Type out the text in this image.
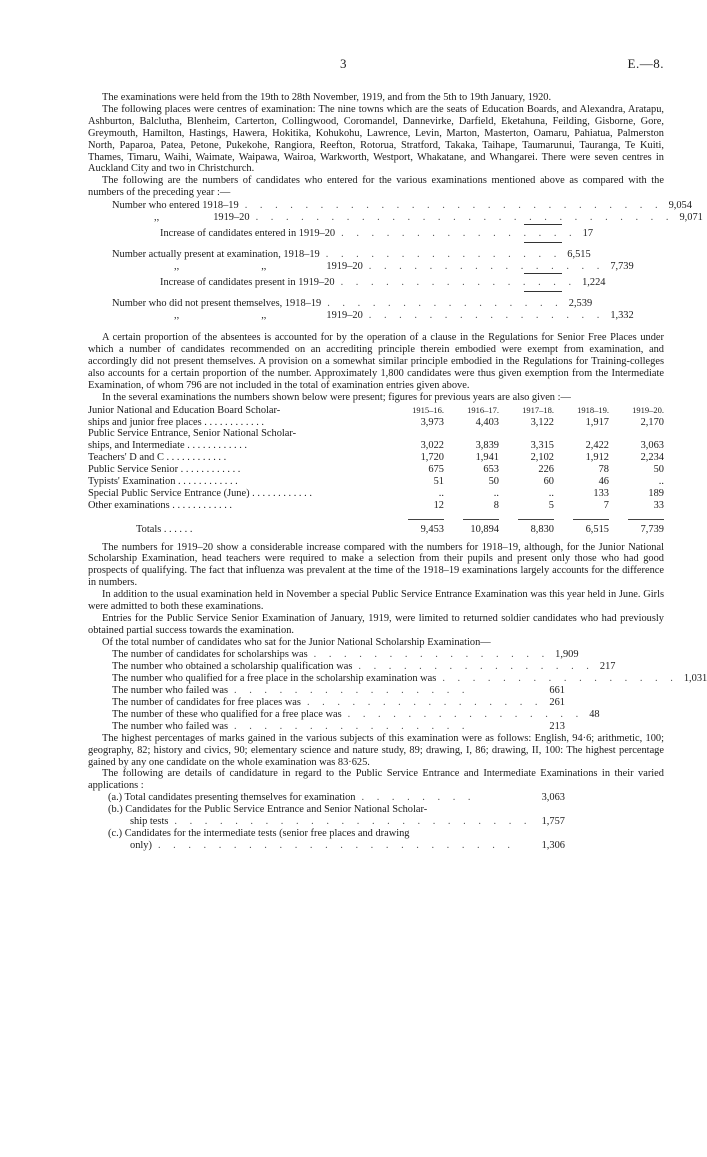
3	E.—8.

The examinations were held from the 19th to 28th November, 1919, and from the 5th to 19th January, 1920.

The following places were centres of examination: The nine towns which are the seats of Education Boards, and Alexandra, Aratapu, Ashburton, Balclutha, Blenheim, Carterton, Collingwood, Coromandel, Dannevirke, Darfield, Eketahuna, Feilding, Gisborne, Gore, Greymouth, Hamilton, Hastings, Hawera, Hokitika, Kohukohu, Lawrence, Levin, Marton, Masterton, Oamaru, Pahiatua, Palmerston North, Paparoa, Patea, Petone, Pukekohe, Rangiora, Reefton, Rotorua, Stratford, Takaka, Taihape, Taumarunui, Tauranga, Te Kuiti, Thames, Timaru, Waihi, Waimate, Waipawa, Wairoa, Warkworth, Westport, Whakatane, and Whangarei. There were seven centres in Auckland City and two in Christchurch.

The following are the numbers of candidates who entered for the various examinations mentioned above as compared with the numbers of the preceding year :—

Number who entered 1918–19 . . . . . . . . . . . . . . . . . . . . . . . . . . . . 9,054
,,	1919–20 . . . . . . . . . . . . . . . . . . . . . . . . . . . . 9,071
Increase of candidates entered in 1919–20 . . . . . . . . . . . . . . . . 17
Number actually present at examination, 1918–19 . . . . . . . . . . . . . . . . 6,515
,,	,,	1919–20 . . . . . . . . . . . . . . . . 7,739
Increase of candidates present in 1919–20 . . . . . . . . . . . . . . . . 1,224
Number who did not present themselves, 1918–19 . . . . . . . . . . . . . . . . 2,539
,,	,,	1919–20 . . . . . . . . . . . . . . . . 1,332

A certain proportion of the absentees is accounted for by the operation of a clause in the Regulations for Senior Free Places under which a number of candidates recommended on an accrediting principle therein embodied were exempt from examination, and accordingly did not present themselves. A provision on a somewhat similar principle embodied in the Regulations for Training-colleges also accounts for a certain proportion of the number. Approximately 1,800 candidates were thus given exemption from the Intermediate Examination, of whom 796 are not included in the total of examination entries given above.

In the several examinations the numbers shown below were present; figures for previous years are also given :—

Junior National and Education Board Scholar-	1915–16.	1916–17.	1917–18.	1918–19.	1919–20.
ships and junior free places . . . . . . . . . . . .	3,973	4,403	3,122	1,917	2,170
Public Service Entrance, Senior National Scholar-					
ships, and Intermediate . . . . . . . . . . . .	3,022	3,839	3,315	2,422	3,063
Teachers' D and C . . . . . . . . . . . .	1,720	1,941	2,102	1,912	2,234
Public Service Senior . . . . . . . . . . . .	675	653	226	78	50
Typists' Examination . . . . . . . . . . . .	51	50	60	46	..
Special Public Service Entrance (June) . . . . . . . . . . . .	..	..	..	133	189
Other examinations . . . . . . . . . . . .	12	8	5	7	33

Totals . . . . . .	9,453	10,894	8,830	6,515	7,739

The numbers for 1919–20 show a considerable increase compared with the numbers for 1918–19, although, for the Junior National Scholarship Examination, head teachers were required to make a selection from their pupils and present only those who had good prospects of qualifying. The fact that influenza was prevalent at the time of the 1918–19 examinations largely accounts for the difference in numbers.

In addition to the usual examination held in November a special Public Service Entrance Examination was this year held in June. Girls were admitted to both these examinations.

Entries for the Public Service Senior Examination of January, 1919, were limited to returned soldier candidates who had previously obtained partial success towards the examination.

Of the total number of candidates who sat for the Junior National Scholarship Examination—

The number of candidates for scholarships was . . . . . . . . . . . . . . . . 1,909
The number who obtained a scholarship qualification was . . . . . . . . . . . . . . . . 217
The number who qualified for a free place in the scholarship examination was . . . . . . . . . . . . . . . . 1,031
The number who failed was . . . . . . . . . . . . . . . .	661
The number of candidates for free places was . . . . . . . . . . . . . . . . 261
The number of these who qualified for a free place was . . . . . . . . . . . . . . . . 48
The number who failed was . . . . . . . . . . . . . . . .	213

The highest percentages of marks gained in the various subjects of this examination were as follows: English, 94·6; arithmetic, 100; geography, 82; history and civics, 90; elementary science and nature study, 89; drawing, I, 86; drawing, II, 100: The highest percentage gained by any one candidate on the whole examination was 83·625.

The following are details of candidature in regard to the Public Service Entrance and Intermediate Examinations in their varied applications :

(a.) Total candidates presenting themselves for examination . . . . . . . .	3,063
(b.) Candidates for the Public Service Entrance and Senior National Scholar-
ship tests . . . . . . . . . . . . . . . . . . . . . . . . 1,757
(c.) Candidates for the intermediate tests (senior free places and drawing
only) . . . . . . . . . . . . . . . . . . . . . . . .	1,306
